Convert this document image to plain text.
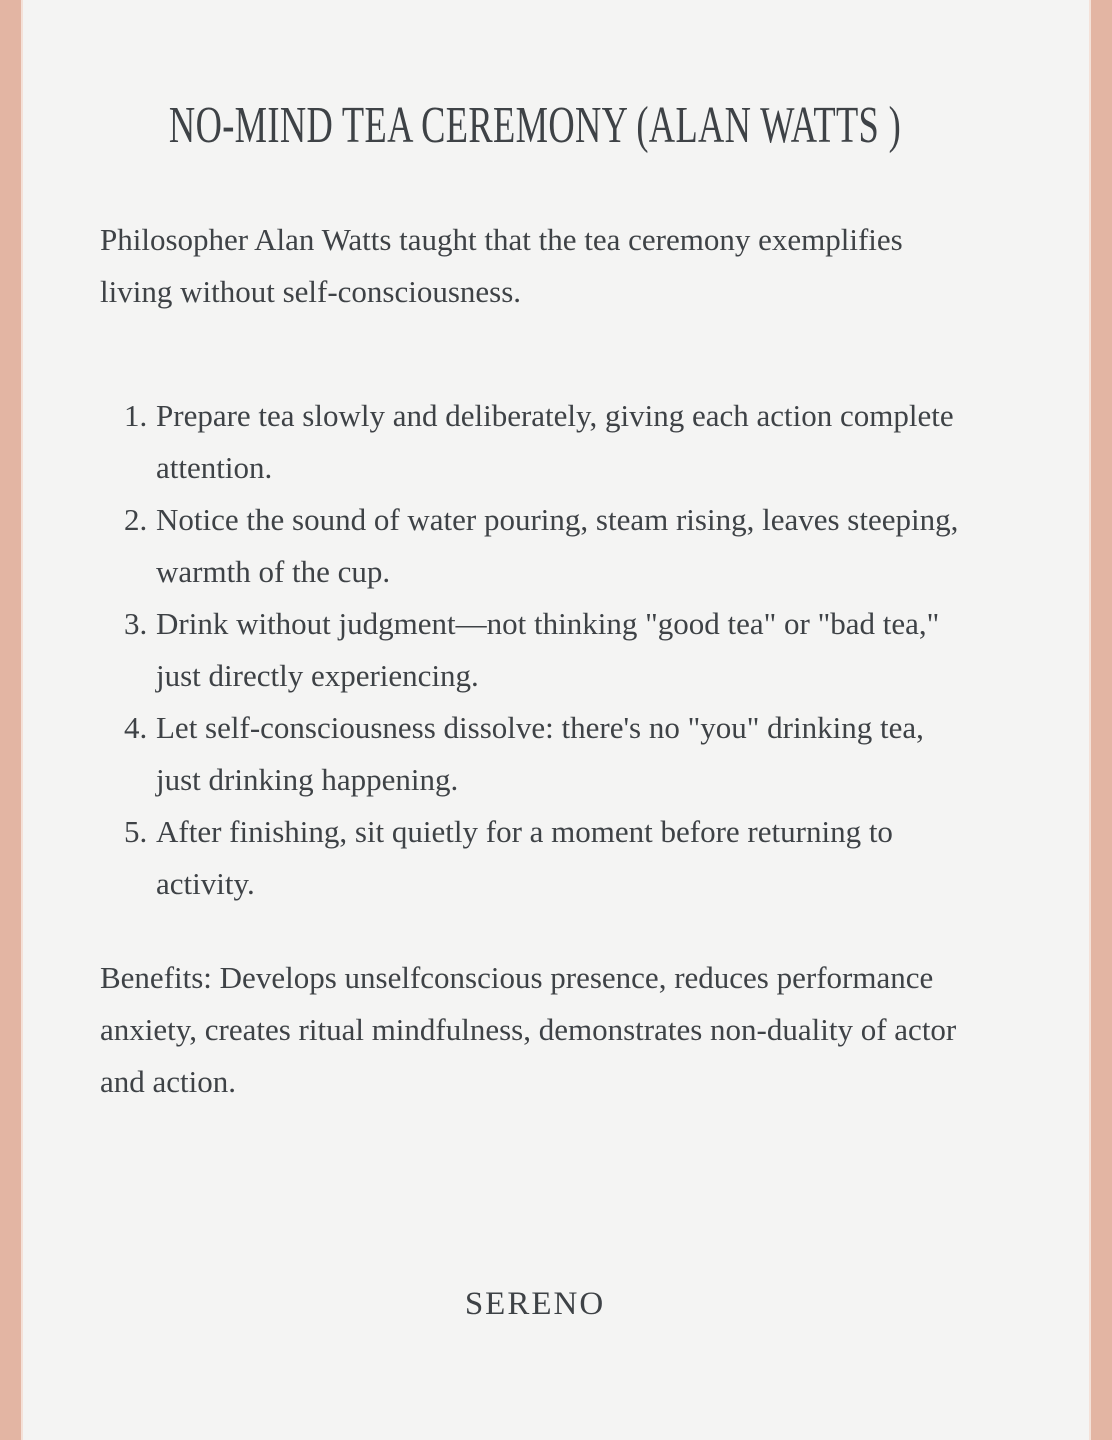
NO-MIND TEA CEREMONY (ALAN WATTS )

Philosopher Alan Watts taught that the tea ceremony exemplifies living without self-consciousness.

Prepare tea slowly and deliberately, giving each action complete attention.
Notice the sound of water pouring, steam rising, leaves steeping, warmth of the cup.
Drink without judgment—not thinking "good tea" or "bad tea," just directly experiencing.
Let self-consciousness dissolve: there's no "you" drinking tea, just drinking happening.
After finishing, sit quietly for a moment before returning to activity.

Benefits: Develops unselfconscious presence, reduces performance anxiety, creates ritual mindfulness, demonstrates non-duality of actor and action.

SERENO
